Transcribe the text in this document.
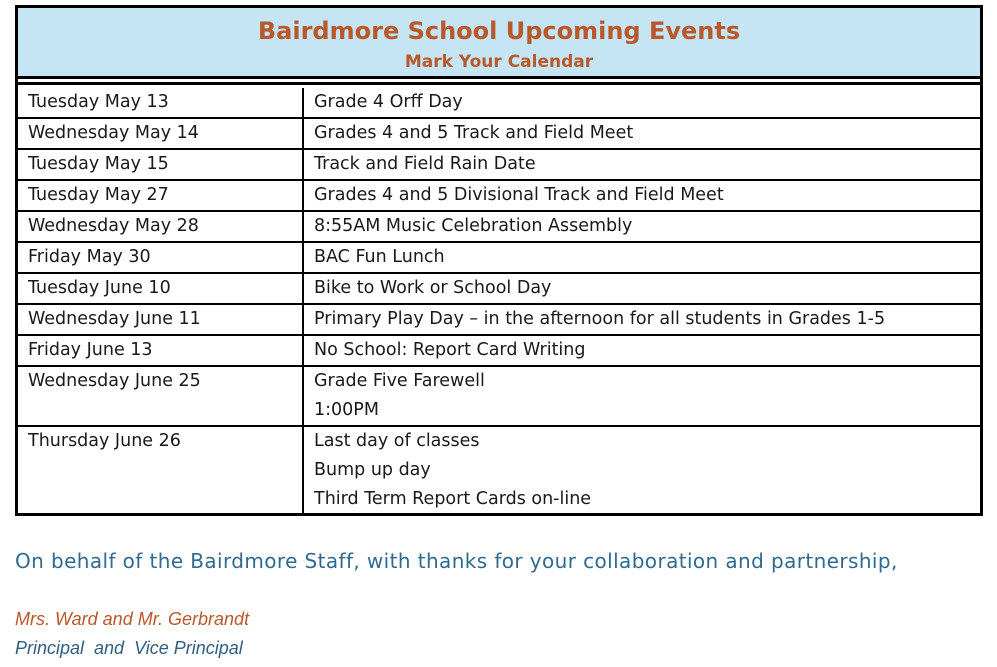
Bairdmore School Upcoming Events
Mark Your Calendar
Tuesday May 13	Grade 4 Orff Day

Wednesday May 14	Grades 4 and 5 Track and Field Meet

Tuesday May 15	Track and Field Rain Date

Tuesday May 27	Grades 4 and 5 Divisional Track and Field Meet

Wednesday May 28	8:55AM Music Celebration Assembly

Friday May 30	BAC Fun Lunch

Tuesday June 10	Bike to Work or School Day

Wednesday June 11	Primary Play Day – in the afternoon for all students in Grades 1-5

Friday June 13	No School: Report Card Writing

Wednesday June 25	Grade Five Farewell
1:00PM

Thursday June 26	Last day of classes
Bump up day
Third Term Report Cards on-line
On behalf of the Bairdmore Staff, with thanks for your collaboration and partnership,
Mrs. Ward and Mr. Gerbrandt
Principal  and  Vice Principal
